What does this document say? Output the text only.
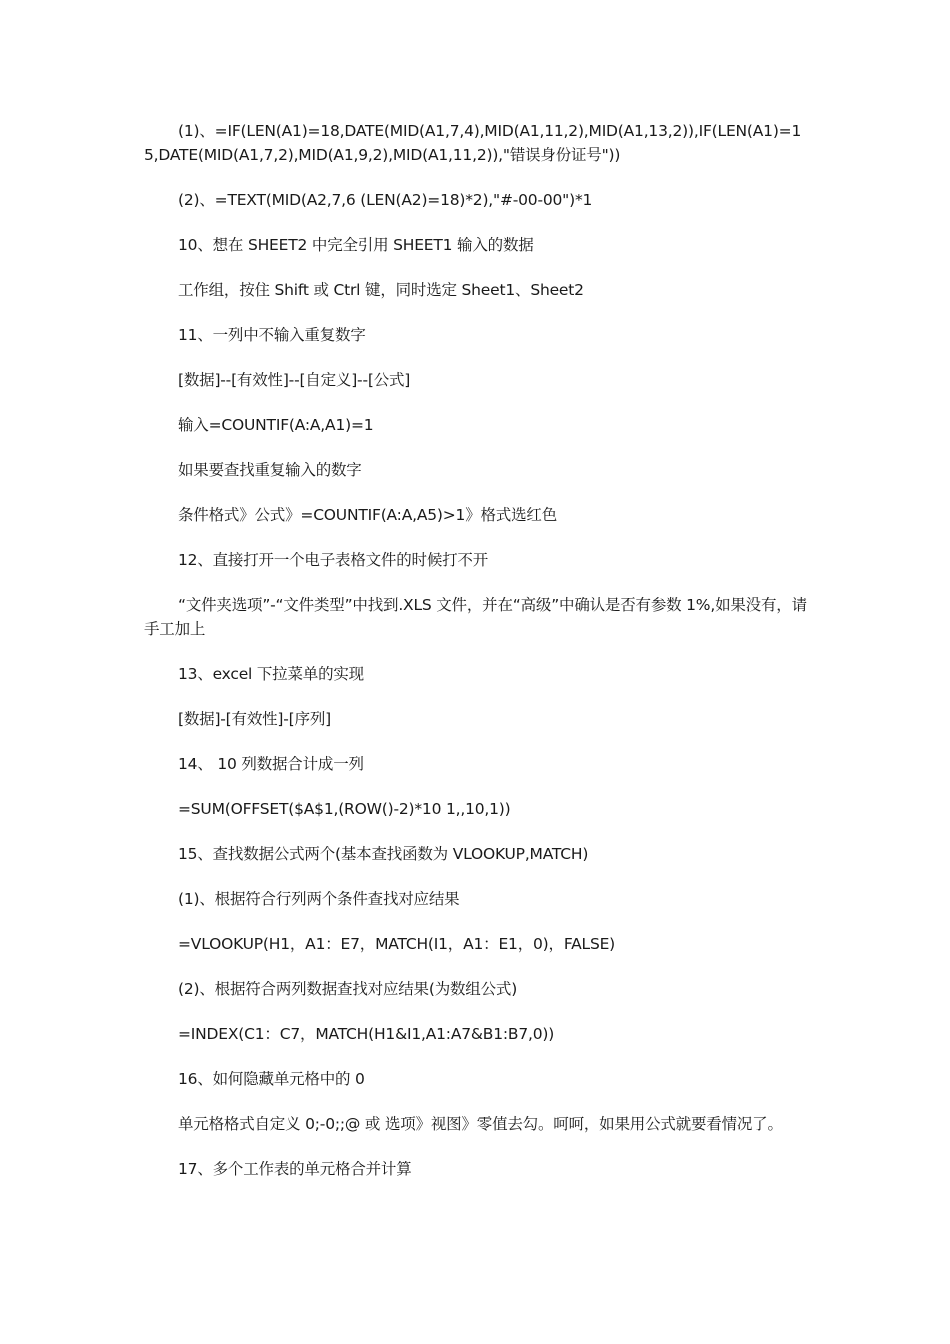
(1)、=IF(LEN(A1)=18,DATE(MID(A1,7,4),MID(A1,11,2),MID(A1,13,2)),IF(LEN(A1)=15,DATE(MID(A1,7,2),MID(A1,9,2),MID(A1,11,2)),"错误身份证号"))

(2)、=TEXT(MID(A2,7,6 (LEN(A2)=18)*2),"#-00-00")*1

10、想在 SHEET2 中完全引用 SHEET1 输入的数据

工作组，按住 Shift 或 Ctrl 键，同时选定 Sheet1、Sheet2

11、一列中不输入重复数字

[数据]--[有效性]--[自定义]--[公式]

输入=COUNTIF(A:A,A1)=1

如果要查找重复输入的数字

条件格式》公式》=COUNTIF(A:A,A5)>1》格式选红色

12、直接打开一个电子表格文件的时候打不开

“文件夹选项”-“文件类型”中找到.XLS 文件，并在“高级”中确认是否有参数 1%,如果没有，请手工加上

13、excel 下拉菜单的实现

[数据]-[有效性]-[序列]

14、 10 列数据合计成一列

=SUM(OFFSET($A$1,(ROW()-2)*10 1,,10,1))

15、查找数据公式两个(基本查找函数为 VLOOKUP,MATCH)

(1)、根据符合行列两个条件查找对应结果

=VLOOKUP(H1，A1：E7，MATCH(I1，A1：E1，0)，FALSE)

(2)、根据符合两列数据查找对应结果(为数组公式)

=INDEX(C1：C7，MATCH(H1&I1,A1:A7&B1:B7,0))

16、如何隐藏单元格中的 0

单元格格式自定义 0;-0;;@ 或 选项》视图》零值去勾。呵呵，如果用公式就要看情况了。

17、多个工作表的单元格合并计算
